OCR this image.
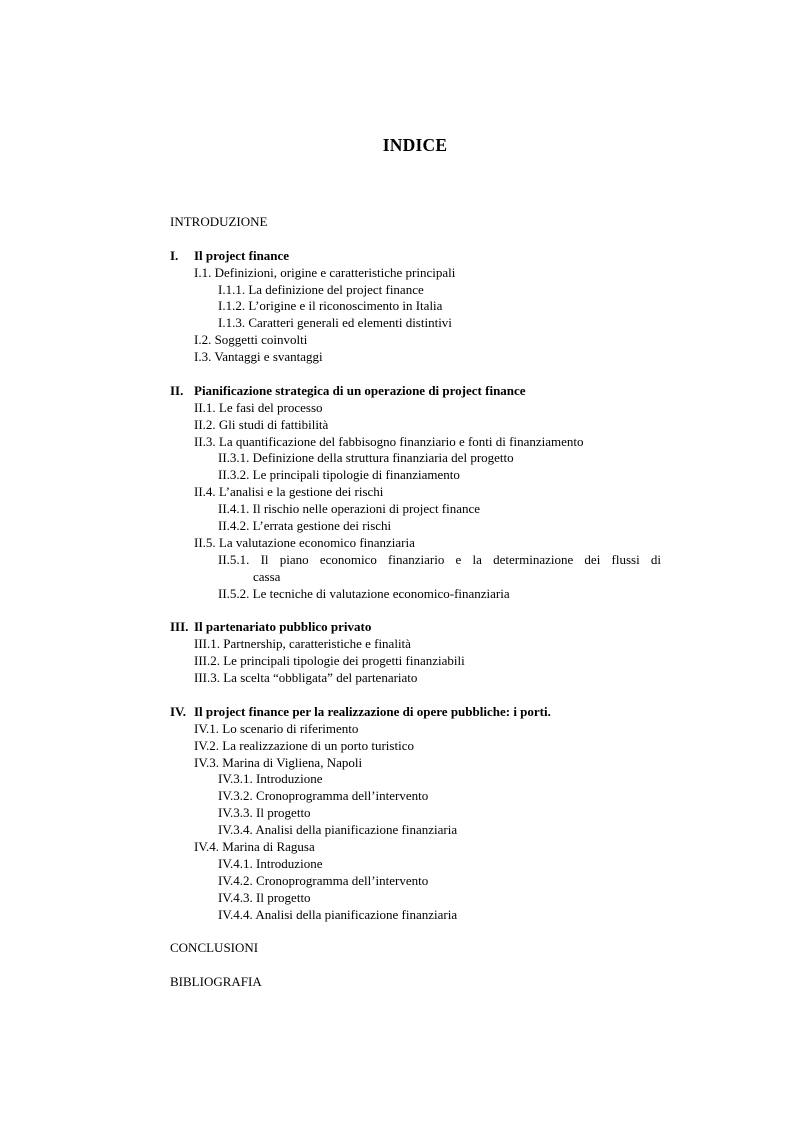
INDICE
INTRODUZIONE
I. Il project finance
I.1. Definizioni, origine e caratteristiche principali
I.1.1. La definizione del project finance
I.1.2. L’origine e il riconoscimento in Italia
I.1.3. Caratteri generali ed elementi distintivi
I.2. Soggetti coinvolti
I.3. Vantaggi e svantaggi
II. Pianificazione strategica di un operazione di project finance
II.1. Le fasi del processo
II.2. Gli studi di fattibilità
II.3. La quantificazione del fabbisogno finanziario e fonti di finanziamento
II.3.1. Definizione della struttura finanziaria del progetto
II.3.2. Le principali tipologie di finanziamento
II.4. L’analisi e la gestione dei rischi
II.4.1. Il rischio nelle operazioni di project finance
II.4.2. L’errata gestione dei rischi
II.5. La valutazione economico finanziaria
II.5.1. Il piano economico finanziario e la determinazione dei flussi di
cassa
II.5.2. Le tecniche di valutazione economico-finanziaria
III. Il partenariato pubblico privato
III.1. Partnership, caratteristiche e finalità
III.2. Le principali tipologie dei progetti finanziabili
III.3. La scelta “obbligata” del partenariato
IV. Il project finance per la realizzazione di opere pubbliche: i porti.
IV.1. Lo scenario di riferimento
IV.2. La realizzazione di un porto turistico
IV.3. Marina di Vigliena, Napoli
IV.3.1. Introduzione
IV.3.2. Cronoprogramma dell’intervento
IV.3.3. Il progetto
IV.3.4. Analisi della pianificazione finanziaria
IV.4. Marina di Ragusa
IV.4.1. Introduzione
IV.4.2. Cronoprogramma dell’intervento
IV.4.3. Il progetto
IV.4.4. Analisi della pianificazione finanziaria
CONCLUSIONI
BIBLIOGRAFIA
